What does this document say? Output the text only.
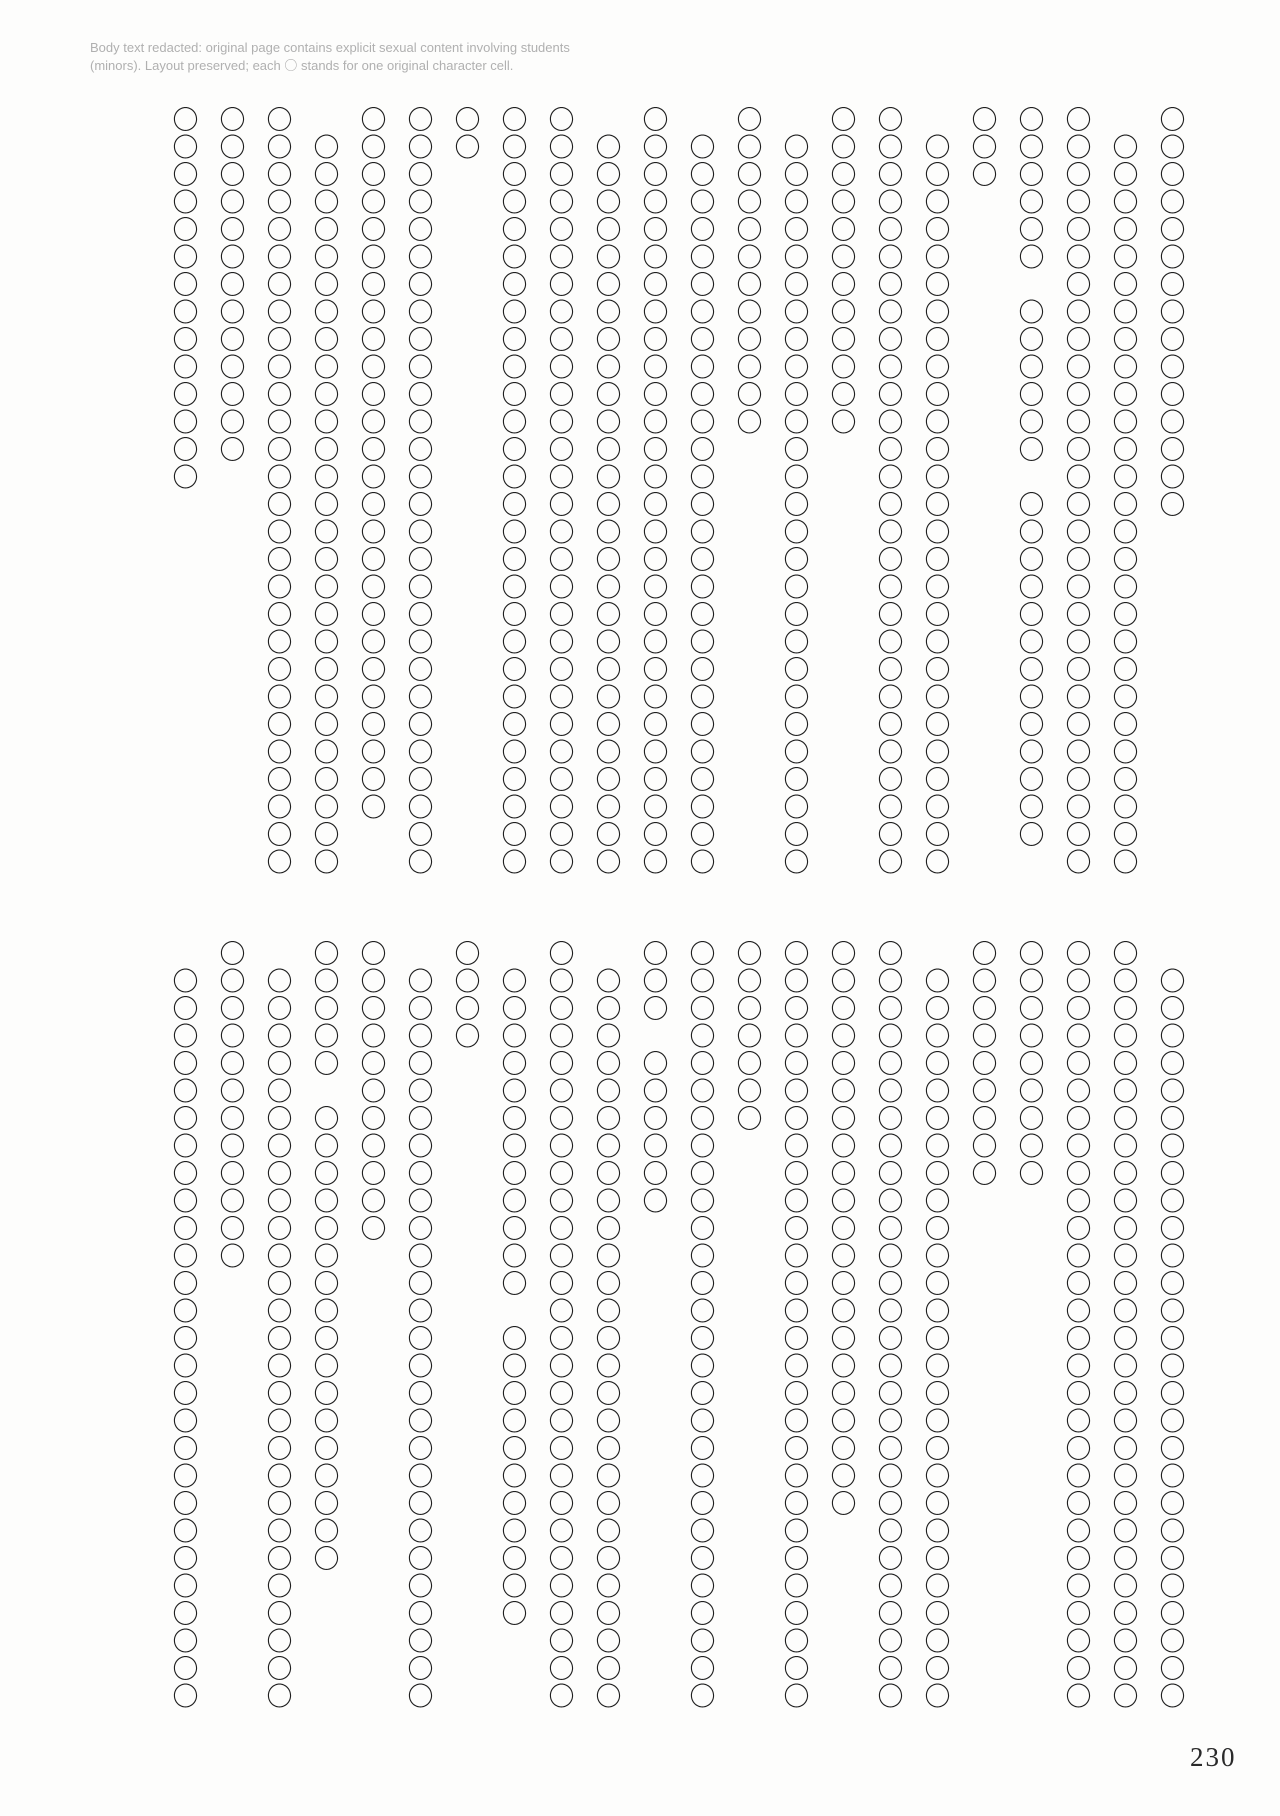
Body text redacted: original page contains explicit sexual content involving students (minors). Layout preserved; each 〇 stands for one original character cell.

〇〇〇〇〇〇〇〇〇〇〇〇〇〇〇

　〇〇〇〇〇〇〇〇〇〇〇〇〇〇〇〇〇〇〇〇〇〇〇〇〇〇〇

〇〇〇〇〇〇〇〇〇〇〇〇〇〇〇〇〇〇〇〇〇〇〇〇〇〇〇〇

〇〇〇〇〇〇　〇〇〇〇〇〇　〇〇〇〇〇〇〇〇〇〇〇〇〇

〇〇〇

　〇〇〇〇〇〇〇〇〇〇〇〇〇〇〇〇〇〇〇〇〇〇〇〇〇〇〇

〇〇〇〇〇〇〇〇〇〇〇〇〇〇〇〇〇〇〇〇〇〇〇〇〇〇〇〇

〇〇〇〇〇〇〇〇〇〇〇〇

　〇〇〇〇〇〇〇〇〇〇〇〇〇〇〇〇〇〇〇〇〇〇〇〇〇〇〇

〇〇〇〇〇〇〇〇〇〇〇〇

　〇〇〇〇〇〇〇〇〇〇〇〇〇〇〇〇〇〇〇〇〇〇〇〇〇〇〇

〇〇〇〇〇〇〇〇〇〇〇〇〇〇〇〇〇〇〇〇〇〇〇〇〇〇〇〇

　〇〇〇〇〇〇〇〇〇〇〇〇〇〇〇〇〇〇〇〇〇〇〇〇〇〇〇

〇〇〇〇〇〇〇〇〇〇〇〇〇〇〇〇〇〇〇〇〇〇〇〇〇〇〇〇

〇〇〇〇〇〇〇〇〇〇〇〇〇〇〇〇〇〇〇〇〇〇〇〇〇〇〇〇

〇〇

〇〇〇〇〇〇〇〇〇〇〇〇〇〇〇〇〇〇〇〇〇〇〇〇〇〇〇〇

〇〇〇〇〇〇〇〇〇〇〇〇〇〇〇〇〇〇〇〇〇〇〇〇〇〇

　〇〇〇〇〇〇〇〇〇〇〇〇〇〇〇〇〇〇〇〇〇〇〇〇〇〇〇

〇〇〇〇〇〇〇〇〇〇〇〇〇〇〇〇〇〇〇〇〇〇〇〇〇〇〇〇

〇〇〇〇〇〇〇〇〇〇〇〇〇

〇〇〇〇〇〇〇〇〇〇〇〇〇〇

　〇〇〇〇〇〇〇〇〇〇〇〇〇〇〇〇〇〇〇〇〇〇〇〇〇〇〇

〇〇〇〇〇〇〇〇〇〇〇〇〇〇〇〇〇〇〇〇〇〇〇〇〇〇〇〇

〇〇〇〇〇〇〇〇〇〇〇〇〇〇〇〇〇〇〇〇〇〇〇〇〇〇〇〇

〇〇〇〇〇〇〇〇〇

〇〇〇〇〇〇〇〇〇

　〇〇〇〇〇〇〇〇〇〇〇〇〇〇〇〇〇〇〇〇〇〇〇〇〇〇〇

〇〇〇〇〇〇〇〇〇〇〇〇〇〇〇〇〇〇〇〇〇〇〇〇〇〇〇〇

〇〇〇〇〇〇〇〇〇〇〇〇〇〇〇〇〇〇〇〇〇

〇〇〇〇〇〇〇〇〇〇〇〇〇〇〇〇〇〇〇〇〇〇〇〇〇〇〇〇

〇〇〇〇〇〇〇

〇〇〇〇〇〇〇〇〇〇〇〇〇〇〇〇〇〇〇〇〇〇〇〇〇〇〇〇

〇〇〇　〇〇〇〇〇〇

　〇〇〇〇〇〇〇〇〇〇〇〇〇〇〇〇〇〇〇〇〇〇〇〇〇〇〇

〇〇〇〇〇〇〇〇〇〇〇〇〇〇〇〇〇〇〇〇〇〇〇〇〇〇〇〇

　〇〇〇〇〇〇〇〇〇〇〇〇　〇〇〇〇〇〇〇〇〇〇〇

〇〇〇〇

　〇〇〇〇〇〇〇〇〇〇〇〇〇〇〇〇〇〇〇〇〇〇〇〇〇〇〇

〇〇〇〇〇〇〇〇〇〇〇

〇〇〇〇〇　〇〇〇〇〇〇〇〇〇〇〇〇〇〇〇〇〇

　〇〇〇〇〇〇〇〇〇〇〇〇〇〇〇〇〇〇〇〇〇〇〇〇〇〇〇

〇〇〇〇〇〇〇〇〇〇〇〇

　〇〇〇〇〇〇〇〇〇〇〇〇〇〇〇〇〇〇〇〇〇〇〇〇〇〇〇

230
